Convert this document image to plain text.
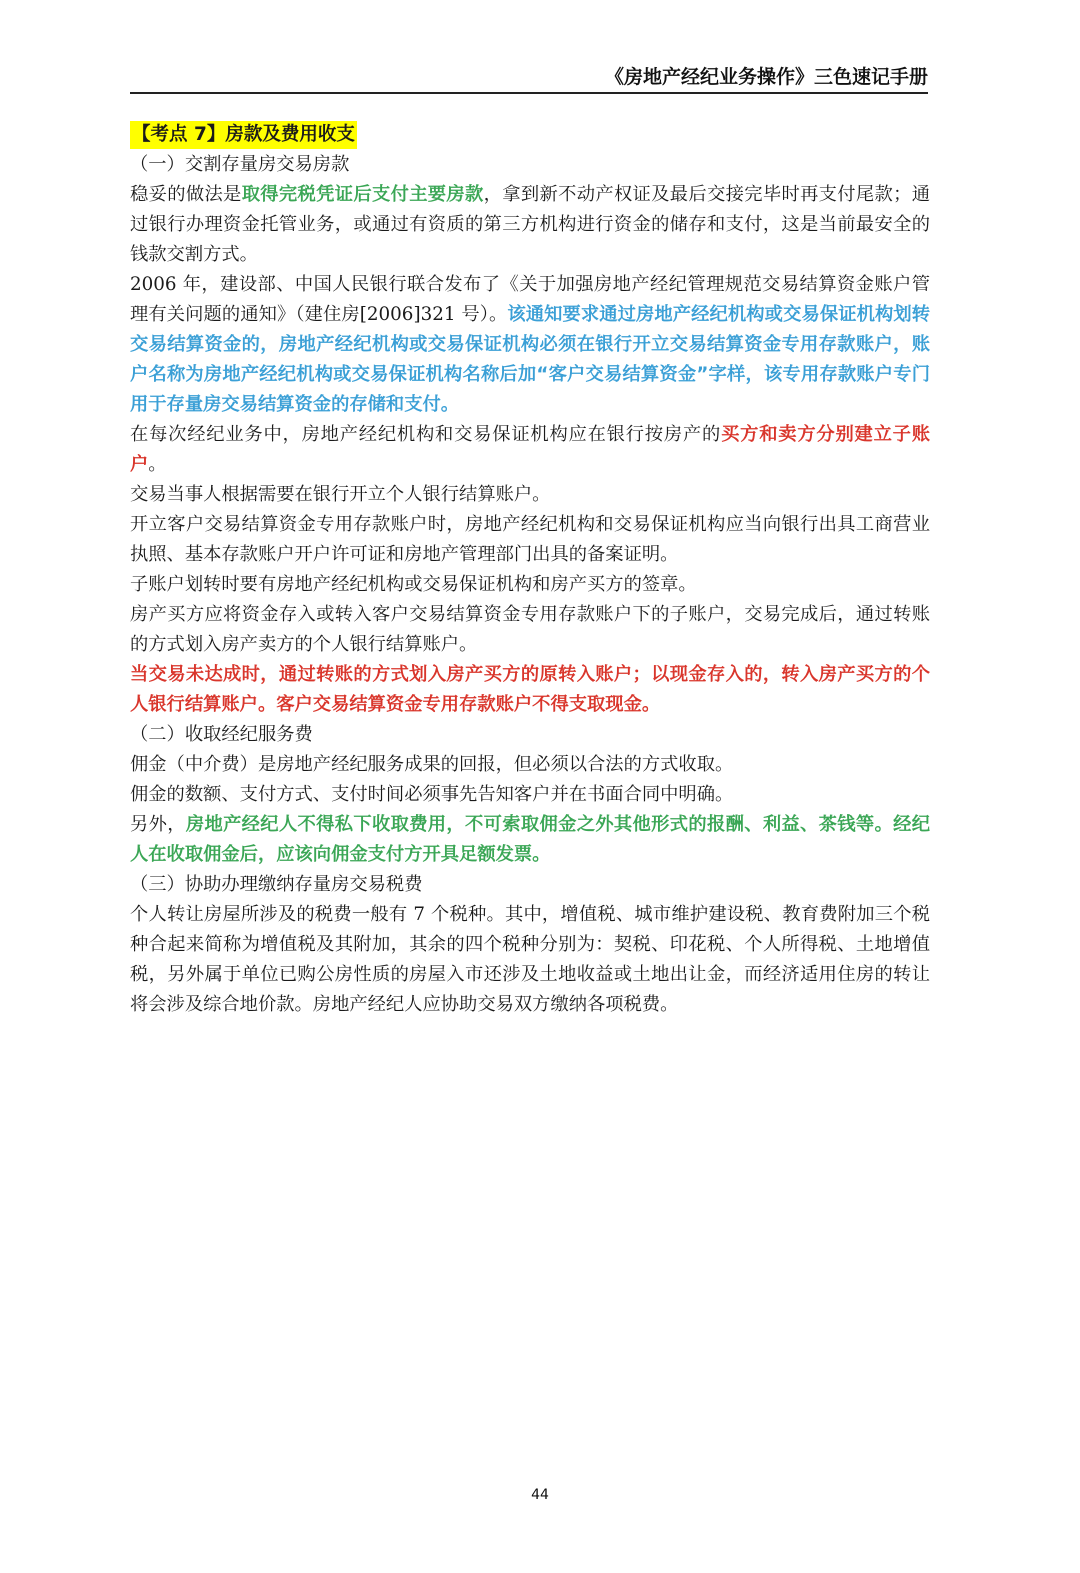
《房地产经纪业务操作》三色速记手册

【考点 7】房款及费用收支

（一）交割存量房交易房款

稳妥的做法是取得完税凭证后支付主要房款，拿到新不动产权证及最后交接完毕时再支付尾款；通过银行办理资金托管业务，或通过有资质的第三方机构进行资金的储存和支付，这是当前最安全的钱款交割方式。

2006 年，建设部、中国人民银行联合发布了《关于加强房地产经纪管理规范交易结算资金账户管理有关问题的通知》（建住房[2006]321 号）。该通知要求通过房地产经纪机构或交易保证机构划转交易结算资金的，房地产经纪机构或交易保证机构必须在银行开立交易结算资金专用存款账户，账户名称为房地产经纪机构或交易保证机构名称后加“客户交易结算资金”字样，该专用存款账户专门用于存量房交易结算资金的存储和支付。

在每次经纪业务中，房地产经纪机构和交易保证机构应在银行按房产的买方和卖方分别建立子账户。

交易当事人根据需要在银行开立个人银行结算账户。

开立客户交易结算资金专用存款账户时，房地产经纪机构和交易保证机构应当向银行出具工商营业执照、基本存款账户开户许可证和房地产管理部门出具的备案证明。

子账户划转时要有房地产经纪机构或交易保证机构和房产买方的签章。

房产买方应将资金存入或转入客户交易结算资金专用存款账户下的子账户，交易完成后，通过转账的方式划入房产卖方的个人银行结算账户。

当交易未达成时，通过转账的方式划入房产买方的原转入账户；以现金存入的，转入房产买方的个人银行结算账户。客户交易结算资金专用存款账户不得支取现金。

（二）收取经纪服务费

佣金（中介费）是房地产经纪服务成果的回报，但必须以合法的方式收取。

佣金的数额、支付方式、支付时间必须事先告知客户并在书面合同中明确。

另外，房地产经纪人不得私下收取费用，不可索取佣金之外其他形式的报酬、利益、茶钱等。经纪人在收取佣金后，应该向佣金支付方开具足额发票。

（三）协助办理缴纳存量房交易税费

个人转让房屋所涉及的税费一般有 7 个税种。其中，增值税、城市维护建设税、教育费附加三个税种合起来简称为增值税及其附加，其余的四个税种分别为：契税、印花税、个人所得税、土地增值税，另外属于单位已购公房性质的房屋入市还涉及土地收益或土地出让金，而经济适用住房的转让将会涉及综合地价款。房地产经纪人应协助交易双方缴纳各项税费。

44
